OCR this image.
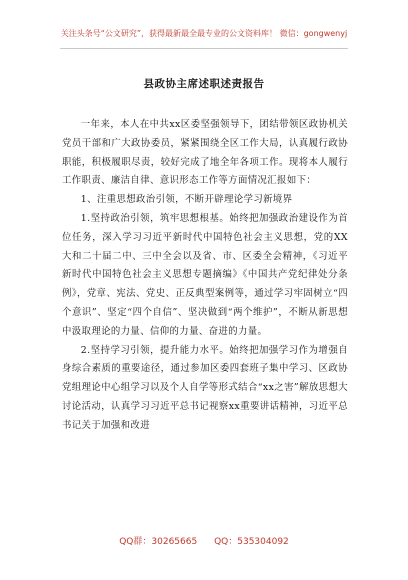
关注头条号“公文研究”，获得最新最全最专业的公文资料库！ 微信：gongwenyj
县政协主席述职述责报告

一年来，本人在中共xx区委坚强领导下，团结带领区政协机关党员干部和广大政协委员，紧紧围绕全区工作大局，认真履行政协职能，积极履职尽责，较好完成了地全年各项工作。现将本人履行工作职责、廉洁自律、意识形态工作等方面情况汇报如下：

1、注重思想政治引领，不断开辟理论学习新境界

1.坚持政治引领，筑牢思想根基。始终把加强政治建设作为首位任务，深入学习习近平新时代中国特色社会主义思想，党的XX大和二十届二中、三中全会以及省、市、区委全会精神，《习近平新时代中国特色社会主义思想专题摘编》《中国共产党纪律处分条例》，党章、宪法、党史、正反典型案例等，通过学习牢固树立“四个意识”、坚定“四个自信”、坚决做到“两个维护”，不断从新思想中汲取理论的力量、信仰的力量、奋进的力量。

2.坚持学习引领，提升能力水平。始终把加强学习作为增强自身综合素质的重要途径，通过参加区委四套班子集中学习、区政协党组理论中心组学习以及个人自学等形式结合“xx之害”解放思想大讨论活动，认真学习习近平总书记视察xx重要讲话精神，习近平总书记关于加强和改进

QQ群：30265665 QQ：535304092
